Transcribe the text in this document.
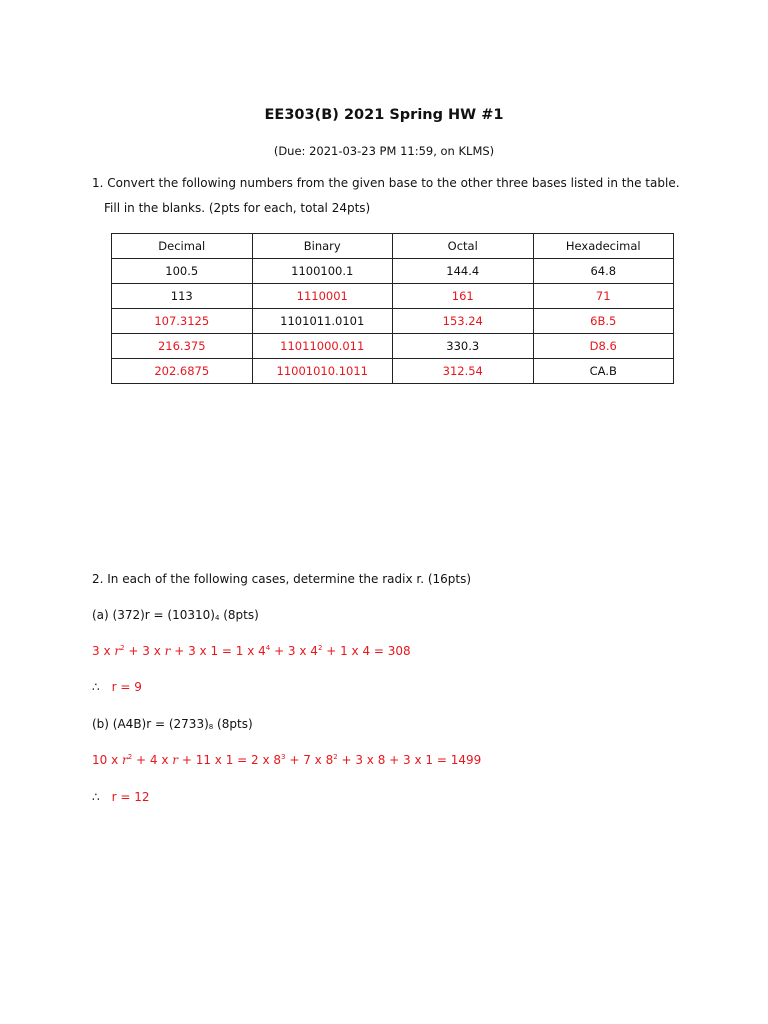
EE303(B) 2021 Spring HW #1
(Due: 2021-03-23 PM 11:59, on KLMS)
1. Convert the following numbers from the given base to the other three bases listed in the table.
Fill in the blanks. (2pts for each, total 24pts)
Decimal	Binary	Octal	Hexadecimal
100.5	1100100.1	144.4	64.8
113	1110001	161	71
107.3125	1101011.0101	153.24	6B.5
216.375	11011000.011	330.3	D8.6
202.6875	11001010.1011	312.54	CA.B
2. In each of the following cases, determine the radix r. (16pts)
(a) $(372)r = (10310)_4$ (8pts)
3 x $r^2 + 3$ x r + 3 x 1 = 1 x $4^4 + 3$ x $4^2 + 1$ x 4 = 308
∴ r = 9
(b) $(A4B)r = (2733)_8$ (8pts)
10 x $r^2 + 4$ x r + 11 x 1 = 2 x $8^3 + 7$ x $8^2 + 3$ x 8 + 3 x 1 = 1499
∴ r = 12
